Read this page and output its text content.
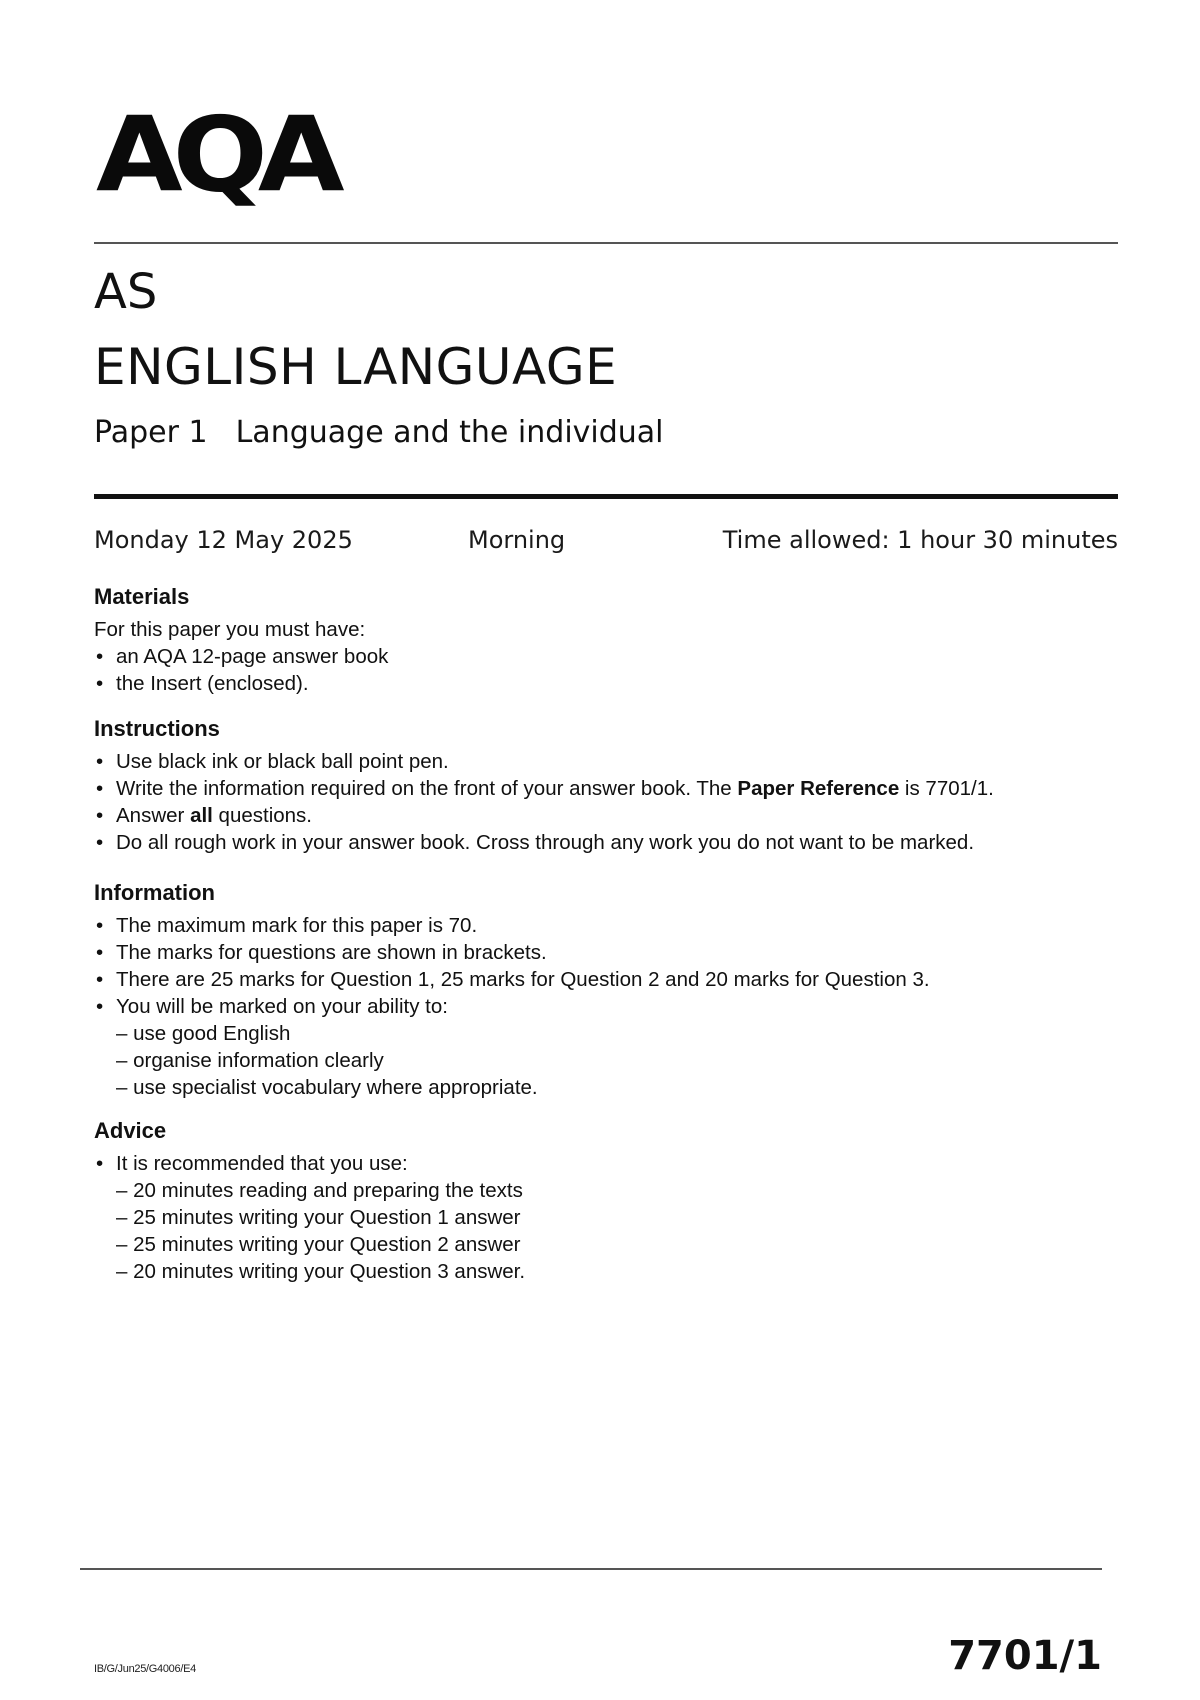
AQA
AS
ENGLISH LANGUAGE
Paper 1 Language and the individual
Monday 12 May 2025	Morning	Time allowed: 1 hour 30 minutes
Materials

For this paper you must have:

• an AQA 12-page answer book
• the Insert (enclosed).
Instructions
• Use black ink or black ball point pen.
• Write the information required on the front of your answer book. The Paper Reference is 7701/1.
• Answer all questions.
• Do all rough work in your answer book. Cross through any work you do not want to be marked.
Information
• The maximum mark for this paper is 70.
• The marks for questions are shown in brackets.
• There are 25 marks for Question 1, 25 marks for Question 2 and 20 marks for Question 3.
• You will be marked on your ability to:
– use good English
– organise information clearly
– use specialist vocabulary where appropriate.
Advice
• It is recommended that you use:
– 20 minutes reading and preparing the texts
– 25 minutes writing your Question 1 answer
– 25 minutes writing your Question 2 answer
– 20 minutes writing your Question 3 answer.
IB/G/Jun25/G4006/E4	7701/1
